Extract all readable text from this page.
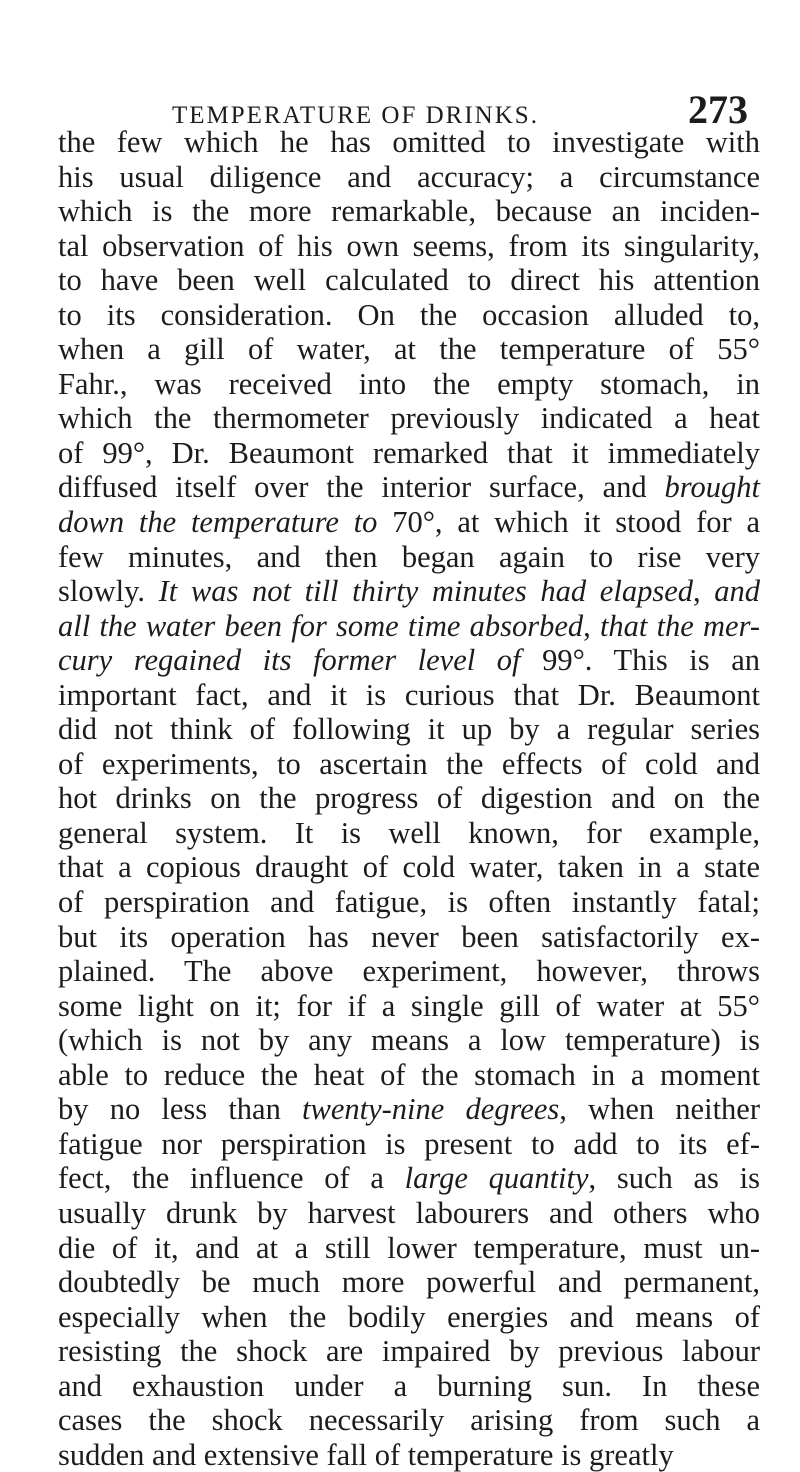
TEMPERATURE OF DRINKS.	273
the few which he has omitted to investigate with
his usual diligence and accuracy; a circumstance
which is the more remarkable, because an inciden-
tal observation of his own seems, from its singularity,
to have been well calculated to direct his attention
to its consideration. On the occasion alluded to,
when a gill of water, at the temperature of 55°
Fahr., was received into the empty stomach, in
which the thermometer previously indicated a heat
of 99°, Dr. Beaumont remarked that it immediately
diffused itself over the interior surface, and brought
down the temperature to 70°, at which it stood for a
few minutes, and then began again to rise very
slowly. It was not till thirty minutes had elapsed, and
all the water been for some time absorbed, that the mer-
cury regained its former level of 99°. This is an
important fact, and it is curious that Dr. Beaumont
did not think of following it up by a regular series
of experiments, to ascertain the effects of cold and
hot drinks on the progress of digestion and on the
general system. It is well known, for example,
that a copious draught of cold water, taken in a state
of perspiration and fatigue, is often instantly fatal;
but its operation has never been satisfactorily ex-
plained. The above experiment, however, throws
some light on it; for if a single gill of water at 55°
(which is not by any means a low temperature) is
able to reduce the heat of the stomach in a moment
by no less than twenty-nine degrees, when neither
fatigue nor perspiration is present to add to its ef-
fect, the influence of a large quantity, such as is
usually drunk by harvest labourers and others who
die of it, and at a still lower temperature, must un-
doubtedly be much more powerful and permanent,
especially when the bodily energies and means of
resisting the shock are impaired by previous labour
and exhaustion under a burning sun. In these
cases the shock necessarily arising from such a
sudden and extensive fall of temperature is greatly
